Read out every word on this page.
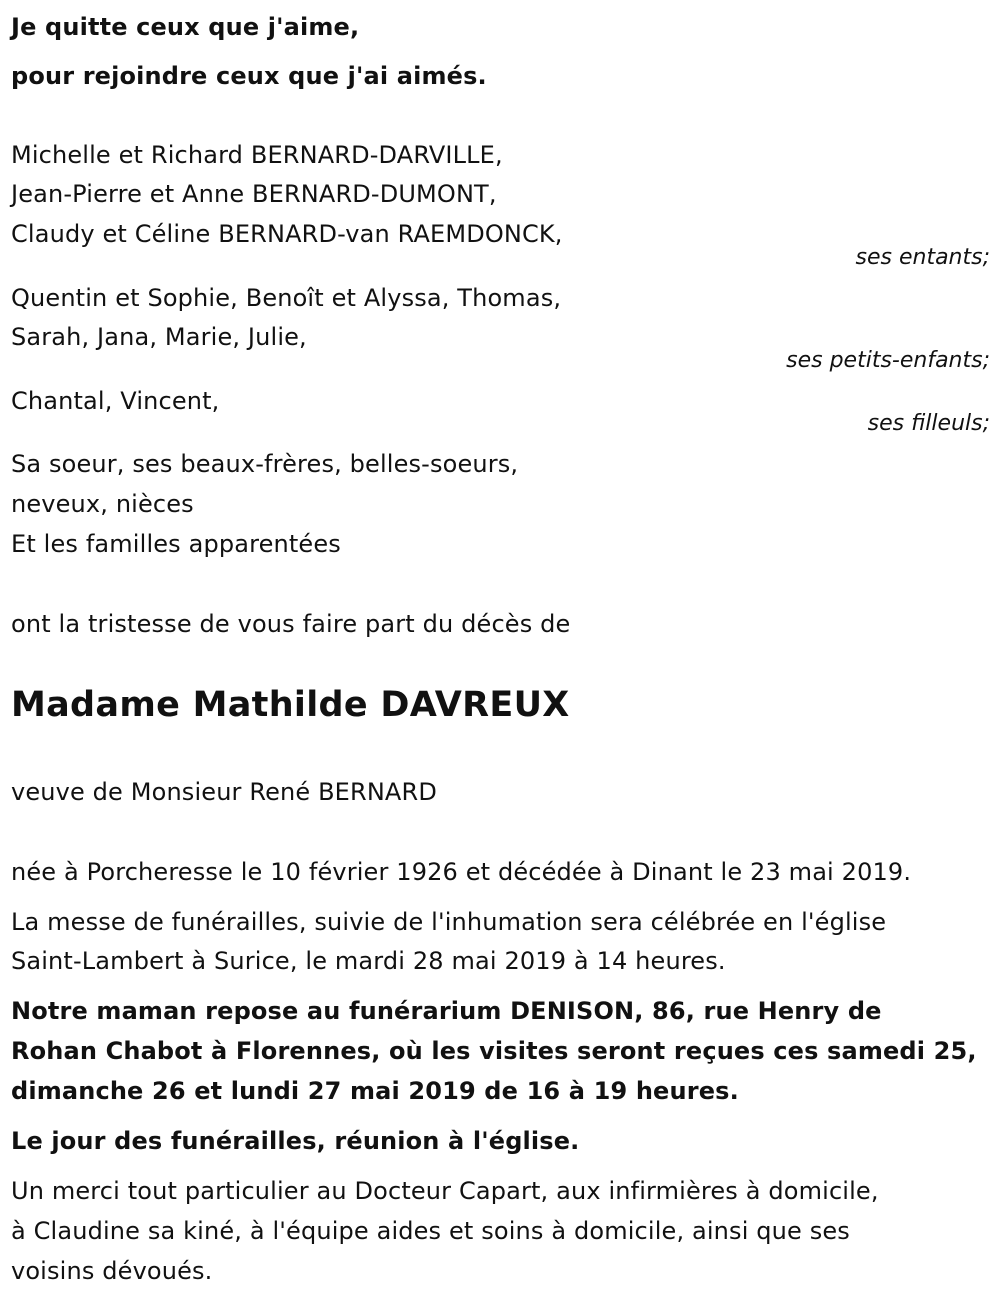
Je quitte ceux que j'aime,
pour rejoindre ceux que j'ai aimés.
Michelle et Richard BERNARD-DARVILLE,
Jean-Pierre et Anne BERNARD-DUMONT,
Claudy et Céline BERNARD-van RAEMDONCK,
ses entants;
Quentin et Sophie, Benoît et Alyssa, Thomas,
Sarah, Jana, Marie, Julie,
ses petits-enfants;
Chantal, Vincent,
ses filleuls;
Sa soeur, ses beaux-frères, belles-soeurs,
neveux, nièces
Et les familles apparentées
ont la tristesse de vous faire part du décès de
Madame Mathilde DAVREUX
veuve de Monsieur René BERNARD
née à Porcheresse le 10 février 1926 et décédée à Dinant le 23 mai 2019.
La messe de funérailles, suivie de l'inhumation sera célébrée en l'église
Saint-Lambert à Surice, le mardi 28 mai 2019 à 14 heures.
Notre maman repose au funérarium DENISON, 86, rue Henry de
Rohan Chabot à Florennes, où les visites seront reçues ces samedi 25,
dimanche 26 et lundi 27 mai 2019 de 16 à 19 heures.
Le jour des funérailles, réunion à l'église.
Un merci tout particulier au Docteur Capart, aux infirmières à domicile,
à Claudine sa kiné, à l'équipe aides et soins à domicile, ainsi que ses
voisins dévoués.
